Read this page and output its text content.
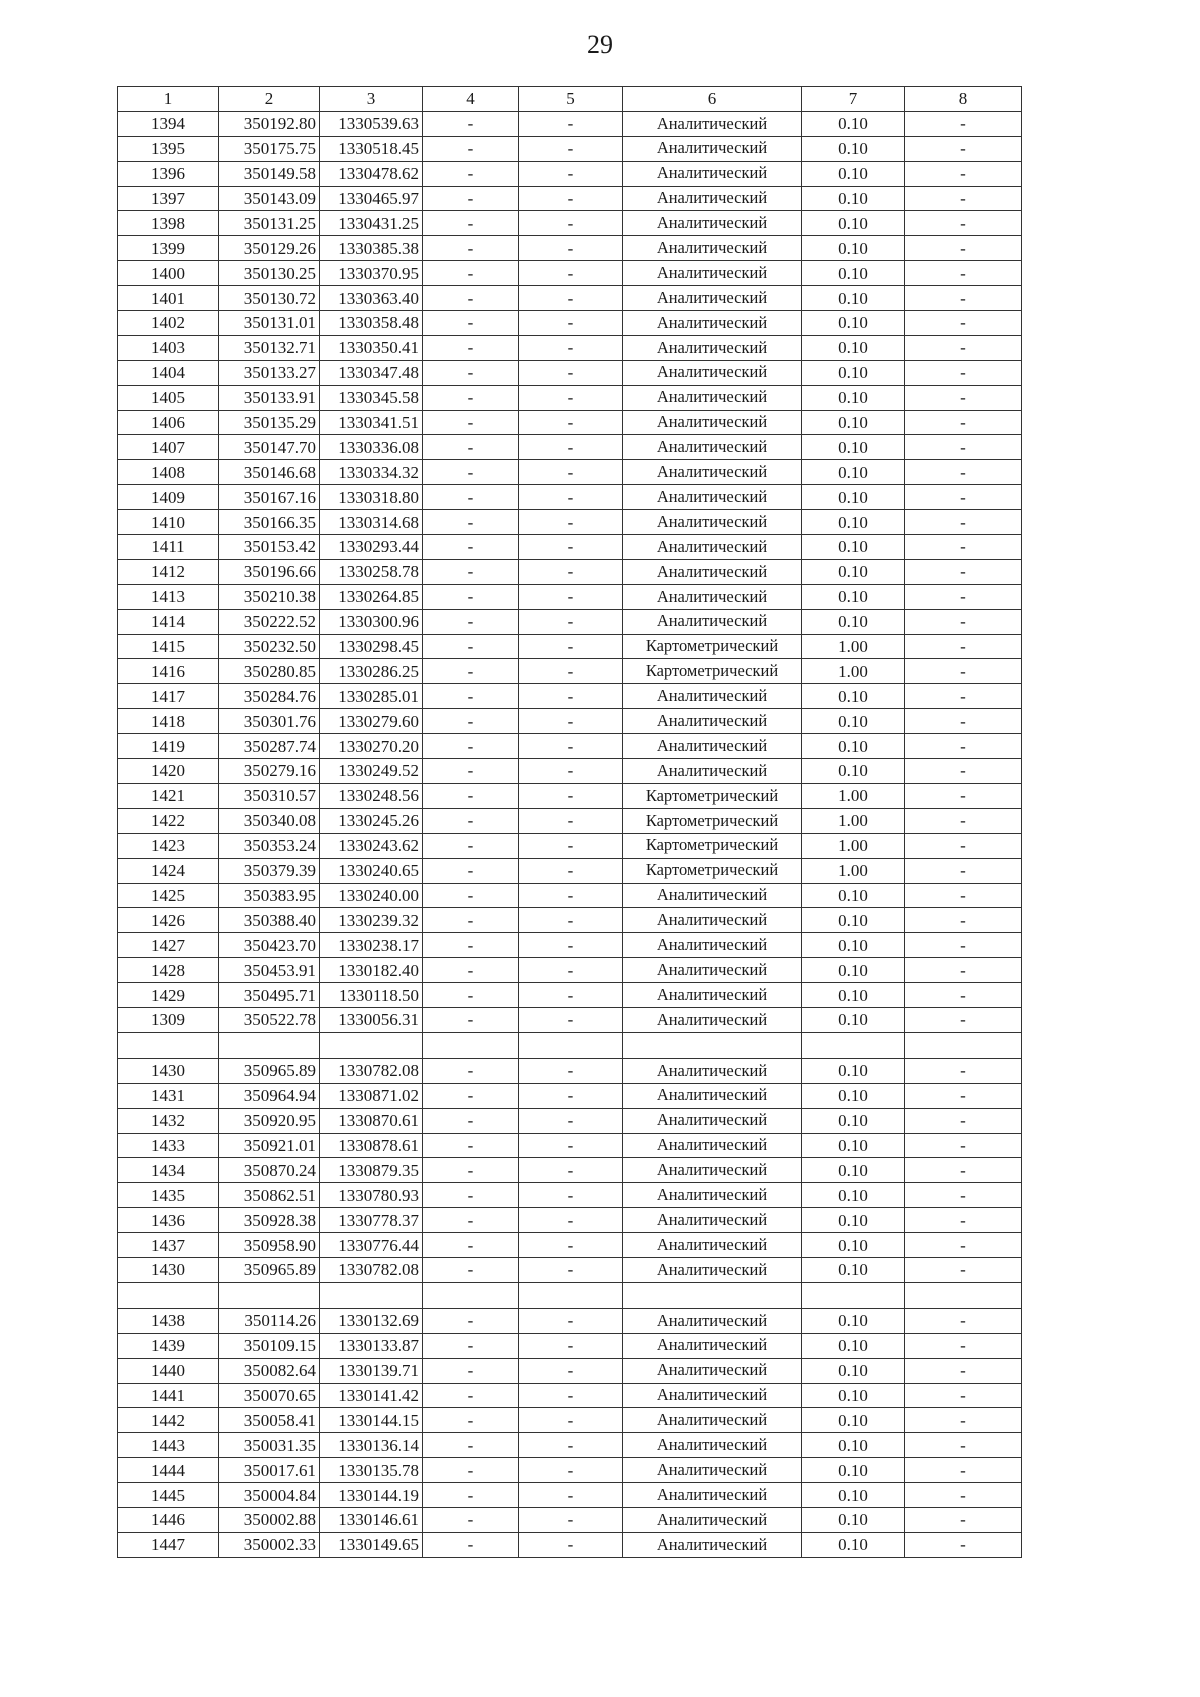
29
1	2	3	4	5	6	7	8
1394	350192.80	1330539.63	-	-	Аналитический	0.10	-
1395	350175.75	1330518.45	-	-	Аналитический	0.10	-
1396	350149.58	1330478.62	-	-	Аналитический	0.10	-
1397	350143.09	1330465.97	-	-	Аналитический	0.10	-
1398	350131.25	1330431.25	-	-	Аналитический	0.10	-
1399	350129.26	1330385.38	-	-	Аналитический	0.10	-
1400	350130.25	1330370.95	-	-	Аналитический	0.10	-
1401	350130.72	1330363.40	-	-	Аналитический	0.10	-
1402	350131.01	1330358.48	-	-	Аналитический	0.10	-
1403	350132.71	1330350.41	-	-	Аналитический	0.10	-
1404	350133.27	1330347.48	-	-	Аналитический	0.10	-
1405	350133.91	1330345.58	-	-	Аналитический	0.10	-
1406	350135.29	1330341.51	-	-	Аналитический	0.10	-
1407	350147.70	1330336.08	-	-	Аналитический	0.10	-
1408	350146.68	1330334.32	-	-	Аналитический	0.10	-
1409	350167.16	1330318.80	-	-	Аналитический	0.10	-
1410	350166.35	1330314.68	-	-	Аналитический	0.10	-
1411	350153.42	1330293.44	-	-	Аналитический	0.10	-
1412	350196.66	1330258.78	-	-	Аналитический	0.10	-
1413	350210.38	1330264.85	-	-	Аналитический	0.10	-
1414	350222.52	1330300.96	-	-	Аналитический	0.10	-
1415	350232.50	1330298.45	-	-	Картометрический	1.00	-
1416	350280.85	1330286.25	-	-	Картометрический	1.00	-
1417	350284.76	1330285.01	-	-	Аналитический	0.10	-
1418	350301.76	1330279.60	-	-	Аналитический	0.10	-
1419	350287.74	1330270.20	-	-	Аналитический	0.10	-
1420	350279.16	1330249.52	-	-	Аналитический	0.10	-
1421	350310.57	1330248.56	-	-	Картометрический	1.00	-
1422	350340.08	1330245.26	-	-	Картометрический	1.00	-
1423	350353.24	1330243.62	-	-	Картометрический	1.00	-
1424	350379.39	1330240.65	-	-	Картометрический	1.00	-
1425	350383.95	1330240.00	-	-	Аналитический	0.10	-
1426	350388.40	1330239.32	-	-	Аналитический	0.10	-
1427	350423.70	1330238.17	-	-	Аналитический	0.10	-
1428	350453.91	1330182.40	-	-	Аналитический	0.10	-
1429	350495.71	1330118.50	-	-	Аналитический	0.10	-
1309	350522.78	1330056.31	-	-	Аналитический	0.10	-

1430	350965.89	1330782.08	-	-	Аналитический	0.10	-
1431	350964.94	1330871.02	-	-	Аналитический	0.10	-
1432	350920.95	1330870.61	-	-	Аналитический	0.10	-
1433	350921.01	1330878.61	-	-	Аналитический	0.10	-
1434	350870.24	1330879.35	-	-	Аналитический	0.10	-
1435	350862.51	1330780.93	-	-	Аналитический	0.10	-
1436	350928.38	1330778.37	-	-	Аналитический	0.10	-
1437	350958.90	1330776.44	-	-	Аналитический	0.10	-
1430	350965.89	1330782.08	-	-	Аналитический	0.10	-

1438	350114.26	1330132.69	-	-	Аналитический	0.10	-
1439	350109.15	1330133.87	-	-	Аналитический	0.10	-
1440	350082.64	1330139.71	-	-	Аналитический	0.10	-
1441	350070.65	1330141.42	-	-	Аналитический	0.10	-
1442	350058.41	1330144.15	-	-	Аналитический	0.10	-
1443	350031.35	1330136.14	-	-	Аналитический	0.10	-
1444	350017.61	1330135.78	-	-	Аналитический	0.10	-
1445	350004.84	1330144.19	-	-	Аналитический	0.10	-
1446	350002.88	1330146.61	-	-	Аналитический	0.10	-
1447	350002.33	1330149.65	-	-	Аналитический	0.10	-
